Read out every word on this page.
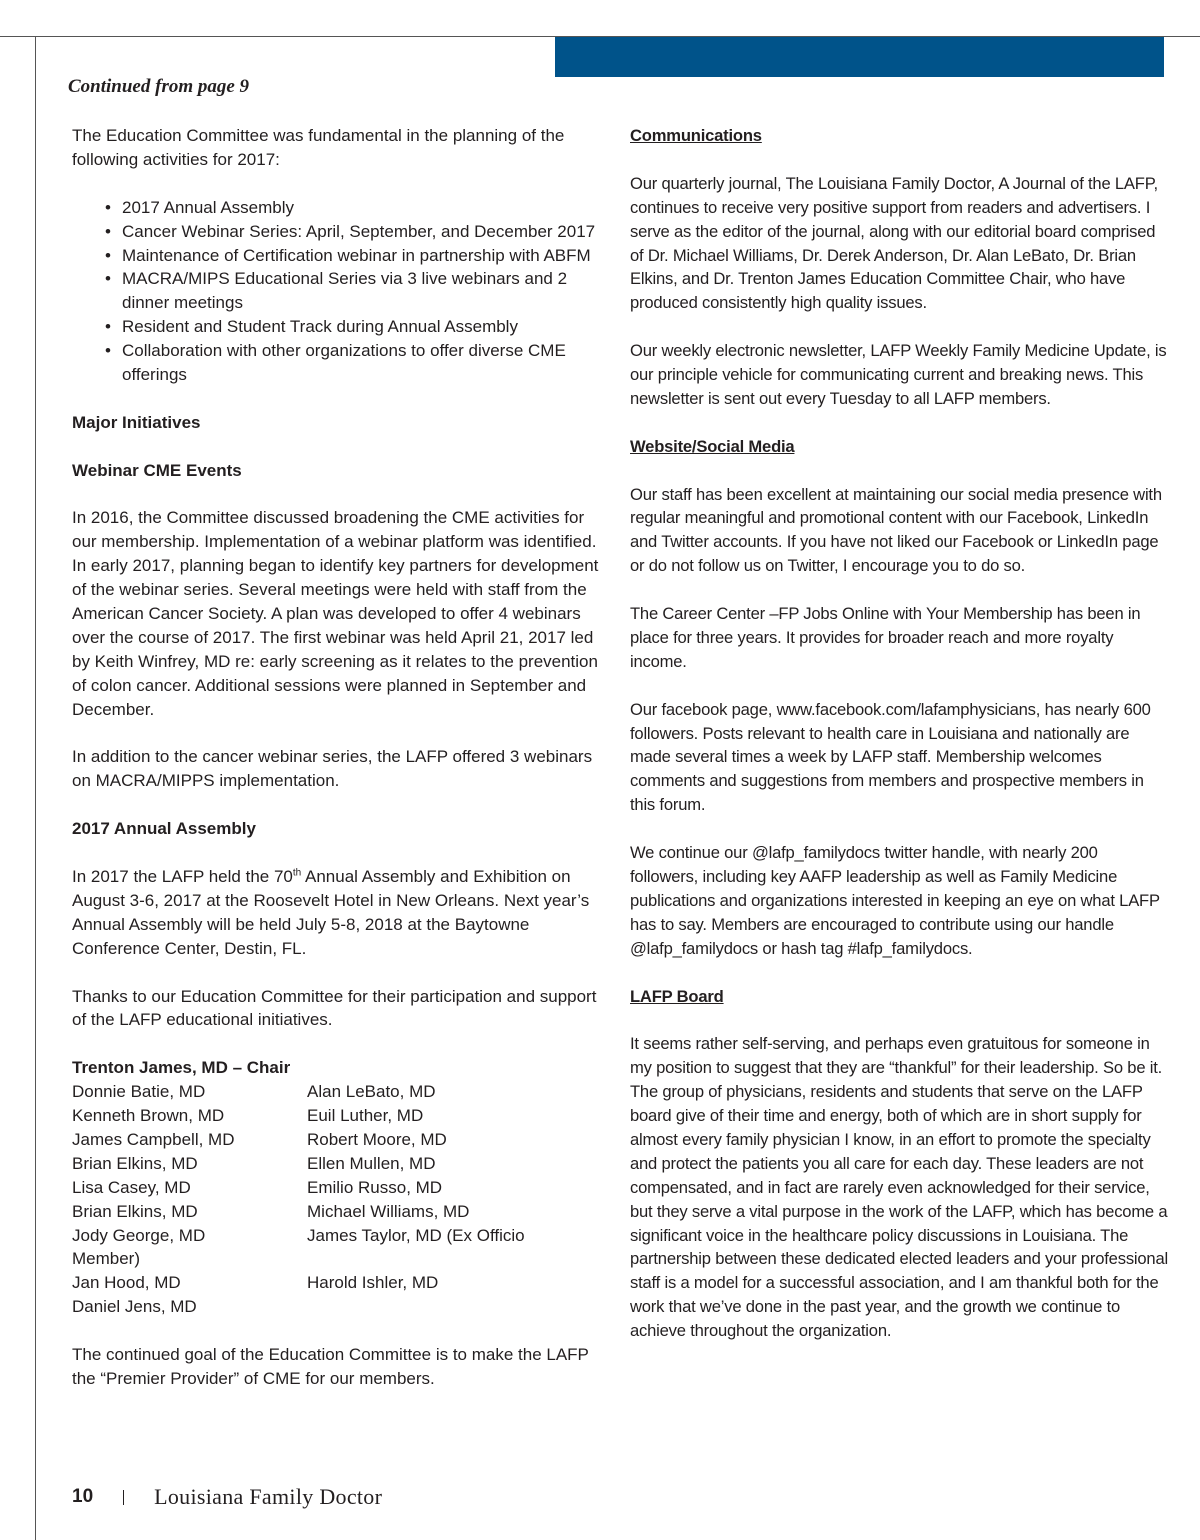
Continued from page 9

The Education Committee was fundamental in the planning of the following activities for 2017:

• 2017 Annual Assembly
• Cancer Webinar Series: April, September, and December 2017
• Maintenance of Certification webinar in partnership with ABFM
• MACRA/MIPS Educational Series via 3 live webinars and 2 dinner meetings
• Resident and Student Track during Annual Assembly
• Collaboration with other organizations to offer diverse CME offerings
Major Initiatives
Webinar CME Events

In 2016, the Committee discussed broadening the CME activities for our membership. Implementation of a webinar platform was identified. In early 2017, planning began to identify key partners for development of the webinar series. Several meetings were held with staff from the American Cancer Society. A plan was developed to offer 4 webinars over the course of 2017. The first webinar was held April 21, 2017 led by Keith Winfrey, MD re: early screening as it relates to the prevention of colon cancer. Additional sessions were planned in September and December.

In addition to the cancer webinar series, the LAFP offered 3 webinars on MACRA/MIPPS implementation.

2017 Annual Assembly

In 2017 the LAFP held the 70th Annual Assembly and Exhibition on August 3-6, 2017 at the Roosevelt Hotel in New Orleans. Next year’s Annual Assembly will be held July 5-8, 2018 at the Baytowne Conference Center, Destin, FL.

Thanks to our Education Committee for their participation and support of the LAFP educational initiatives.

Trenton James, MD – Chair
Donnie Batie, MD	Alan LeBato, MD
Kenneth Brown, MD	Euil Luther, MD
James Campbell, MD	Robert Moore, MD
Brian Elkins, MD	Ellen Mullen, MD
Lisa Casey, MD	Emilio Russo, MD
Brian Elkins, MD	Michael Williams, MD
Jody George, MD	James Taylor, MD (Ex Officio
Member)

Jan Hood, MD	Harold Ishler, MD
Daniel Jens, MD

The continued goal of the Education Committee is to make the LAFP the “Premier Provider” of CME for our members.

Communications

Our quarterly journal, The Louisiana Family Doctor, A Journal of the LAFP, continues to receive very positive support from readers and advertisers. I serve as the editor of the journal, along with our editorial board comprised of Dr. Michael Williams, Dr. Derek Anderson, Dr. Alan LeBato, Dr. Brian Elkins, and Dr. Trenton James Education Committee Chair, who have produced consistently high quality issues.

Our weekly electronic newsletter, LAFP Weekly Family Medicine Update, is our principle vehicle for communicating current and breaking news. This newsletter is sent out every Tuesday to all LAFP members.

Website/Social Media

Our staff has been excellent at maintaining our social media presence with regular meaningful and promotional content with our Facebook, LinkedIn and Twitter accounts. If you have not liked our Facebook or LinkedIn page or do not follow us on Twitter, I encourage you to do so.

The Career Center –FP Jobs Online with Your Membership has been in place for three years. It provides for broader reach and more royalty income.

Our facebook page, www.facebook.com/lafamphysicians, has nearly 600 followers. Posts relevant to health care in Louisiana and nationally are made several times a week by LAFP staff. Membership welcomes comments and suggestions from members and prospective members in this forum.

We continue our @lafp_familydocs twitter handle, with nearly 200 followers, including key AAFP leadership as well as Family Medicine publications and organizations interested in keeping an eye on what LAFP has to say. Members are encouraged to contribute using our handle @lafp_familydocs or hash tag #lafp_familydocs.

LAFP Board

It seems rather self-serving, and perhaps even gratuitous for someone in my position to suggest that they are “thankful” for their leadership. So be it. The group of physicians, residents and students that serve on the LAFP board give of their time and energy, both of which are in short supply for almost every family physician I know, in an effort to promote the specialty and protect the patients you all care for each day. These leaders are not compensated, and in fact are rarely even acknowledged for their service, but they serve a vital purpose in the work of the LAFP, which has become a significant voice in the healthcare policy discussions in Louisiana. The partnership between these dedicated elected leaders and your professional staff is a model for a successful association, and I am thankful both for the work that we’ve done in the past year, and the growth we continue to achieve throughout the organization.

10	Louisiana Family Doctor
